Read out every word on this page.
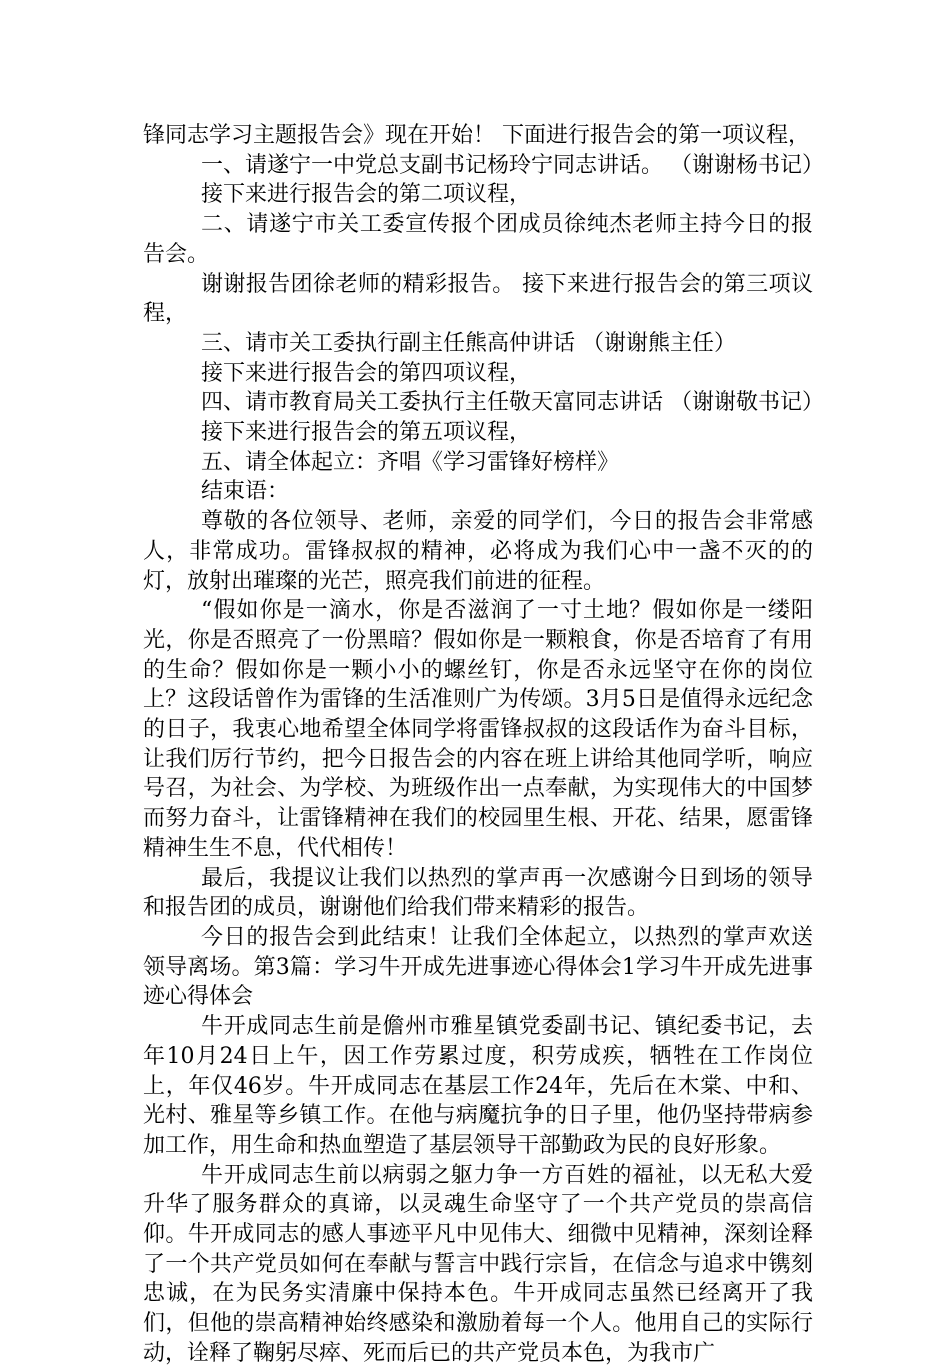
锋同志学习主题报告会》现在开始！ 下面进行报告会的第一项议程，

一、请遂宁一中党总支副书记杨玲宁同志讲话。 （谢谢杨书记）

接下来进行报告会的第二项议程，

二、请遂宁市关工委宣传报个团成员徐纯杰老师主持今日的报告会。

谢谢报告团徐老师的精彩报告。 接下来进行报告会的第三项议程，

三、请市关工委执行副主任熊高仲讲话 （谢谢熊主任）

接下来进行报告会的第四项议程，

四、请市教育局关工委执行主任敬天富同志讲话 （谢谢敬书记）

接下来进行报告会的第五项议程，

五、请全体起立：齐唱《学习雷锋好榜样》

结束语：

尊敬的各位领导、老师，亲爱的同学们，今日的报告会非常感人，非常成功。雷锋叔叔的精神，必将成为我们心中一盏不灭的的灯，放射出璀璨的光芒，照亮我们前进的征程。

“假如你是一滴水，你是否滋润了一寸土地？假如你是一缕阳光，你是否照亮了一份黑暗？假如你是一颗粮食，你是否培育了有用的生命？假如你是一颗小小的螺丝钉，你是否永远坚守在你的岗位上？这段话曾作为雷锋的生活准则广为传颂。3月5日是值得永远纪念的日子，我衷心地希望全体同学将雷锋叔叔的这段话作为奋斗目标，让我们厉行节约，把今日报告会的内容在班上讲给其他同学听，响应号召，为社会、为学校、为班级作出一点奉献，为实现伟大的中国梦而努力奋斗，让雷锋精神在我们的校园里生根、开花、结果，愿雷锋精神生生不息，代代相传！

最后，我提议让我们以热烈的掌声再一次感谢今日到场的领导和报告团的成员，谢谢他们给我们带来精彩的报告。

今日的报告会到此结束！让我们全体起立，以热烈的掌声欢送领导离场。第3篇：学习牛开成先进事迹心得体会1学习牛开成先进事迹心得体会

牛开成同志生前是儋州市雅星镇党委副书记、镇纪委书记，去年10月24日上午，因工作劳累过度，积劳成疾，牺牲在工作岗位上，年仅46岁。牛开成同志在基层工作24年，先后在木棠、中和、光村、雅星等乡镇工作。在他与病魔抗争的日子里，他仍坚持带病参加工作，用生命和热血塑造了基层领导干部勤政为民的良好形象。

牛开成同志生前以病弱之躯力争一方百姓的福祉，以无私大爱升华了服务群众的真谛，以灵魂生命坚守了一个共产党员的崇高信仰。牛开成同志的感人事迹平凡中见伟大、细微中见精神，深刻诠释了一个共产党员如何在奉献与誓言中践行宗旨，在信念与追求中镌刻忠诚，在为民务实清廉中保持本色。牛开成同志虽然已经离开了我们，但他的崇高精神始终感染和激励着每一个人。他用自己的实际行动，诠释了鞠躬尽瘁、死而后已的共产党员本色，为我市广
